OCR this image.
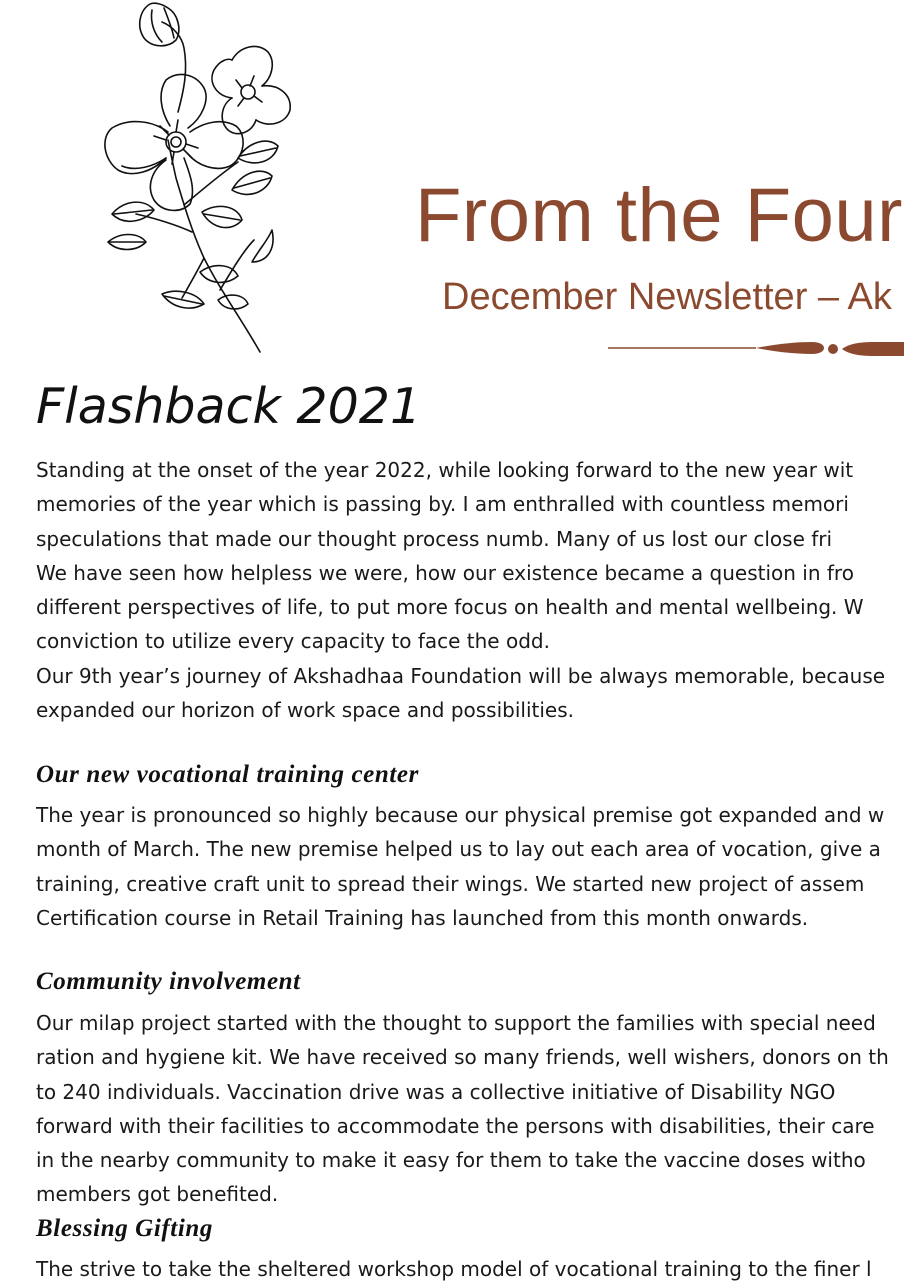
From the Four
December Newsletter – Ak
Flashback 2021
Standing at the onset of the year 2022, while looking forward to the new year wit
memories of the year which is passing by. I am enthralled with countless memori
speculations that made our thought process numb. Many of us lost our close fri
We have seen how helpless we were, how our existence became a question in fro
different perspectives of life, to put more focus on health and mental wellbeing. W
conviction to utilize every capacity to face the odd.
Our 9th year’s journey of Akshadhaa Foundation will be always memorable, because
expanded our horizon of work space and possibilities.
Our new vocational training center
The year is pronounced so highly because our physical premise got expanded and w
month of March. The new premise helped us to lay out each area of vocation, give a
training, creative craft unit to spread their wings. We started new project of assem
Certification course in Retail Training has launched from this month onwards.
Community involvement
Our milap project started with the thought to support the families with special need
ration and hygiene kit. We have received so many friends, well wishers, donors on th
to 240 individuals. Vaccination drive was a collective initiative of Disability NGO
forward with their facilities to accommodate the persons with disabilities, their care
in the nearby community to make it easy for them to take the vaccine doses witho
members got benefited.
Blessing Gifting
The strive to take the sheltered workshop model of vocational training to the finer l
